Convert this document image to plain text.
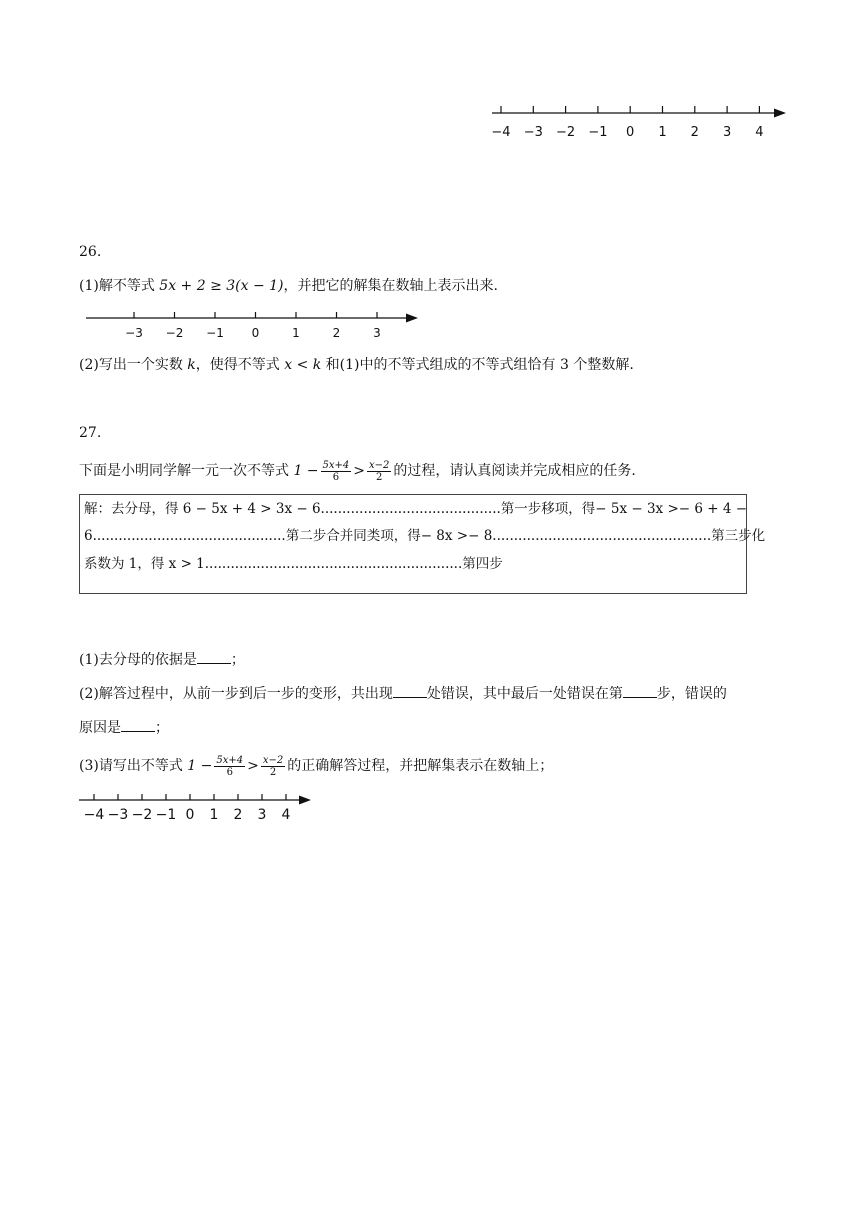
−4 −3 −2 −1 0 1 2 3 4
26.
(1)解不等式 5x + 2 ≥ 3(x − 1)，并把它的解集在数轴上表示出来.
−3 −2 −1 0	1	2	3
(2)写出一个实数 k，使得不等式 x < k 和(1)中的不等式组成的不等式组恰有 3 个整数解.
27.
下面是小明同学解一元一次不等式 $1 - \frac{5x+4}{6} > \frac{x-2}{2}$ 的过程，请认真阅读并完成相应的任务.
解：去分母，得 6 − 5x + 4 > 3x − 6..........................................第一步移项，得− 5x − 3x >− 6 + 4 −
6.............................................第二步合并同类项，得− 8x >− 8...................................................第三步化
系数为 1，得 x > 1............................................................第四步
(1)去分母的依据是 ；
(2)解答过程中，从前一步到后一步的变形，共出现 处错误，其中最后一处错误在第 步，错误的
原因是 ；
(3)请写出不等式 $1 - \frac{5x+4}{6} > \frac{x-2}{2}$ 的正确解答过程，并把解集表示在数轴上；
−4 −3 −2 −1 0 1 2 3 4
